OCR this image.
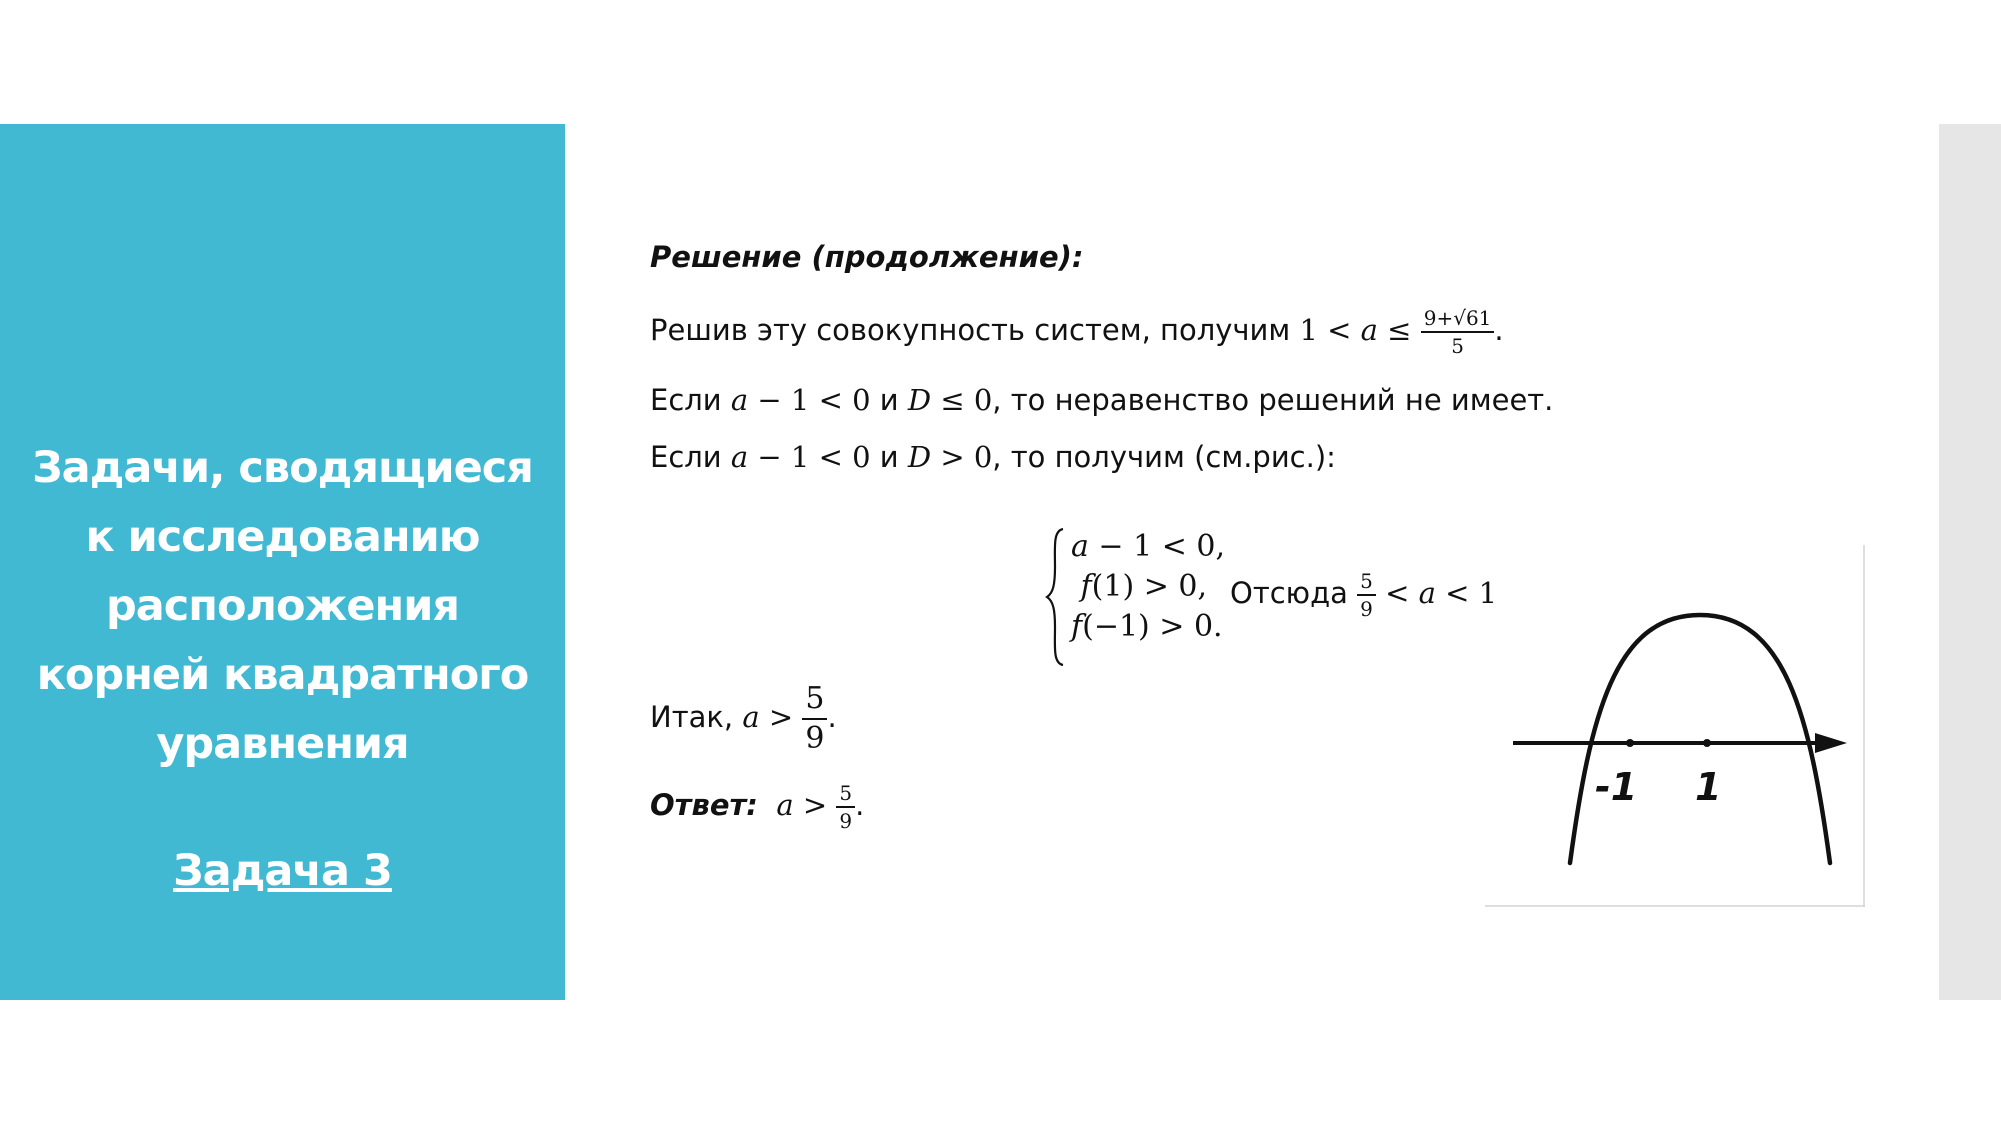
Задачи, сводящиеся
к исследованию
расположения
корней квадратного
уравнения
Задача 3
Решение (продолжение):
Решив эту совокупность систем, получим $1 < a \le \frac{9+√61}{5}$ .
Если a − 1 < 0 и D ≤ 0, то неравенство решений не имеет.
Если a − 1 < 0 и D > 0, то получим (см.рис.):
Итак, $a > \frac{5}{9}$ .
Ответ: $a > \frac{5}{9}$ .
a − 1 < 0,
f(1) > 0,
f(−1) > 0.
Отсюда $\frac{5}{9} < a < 1$
-1 1
